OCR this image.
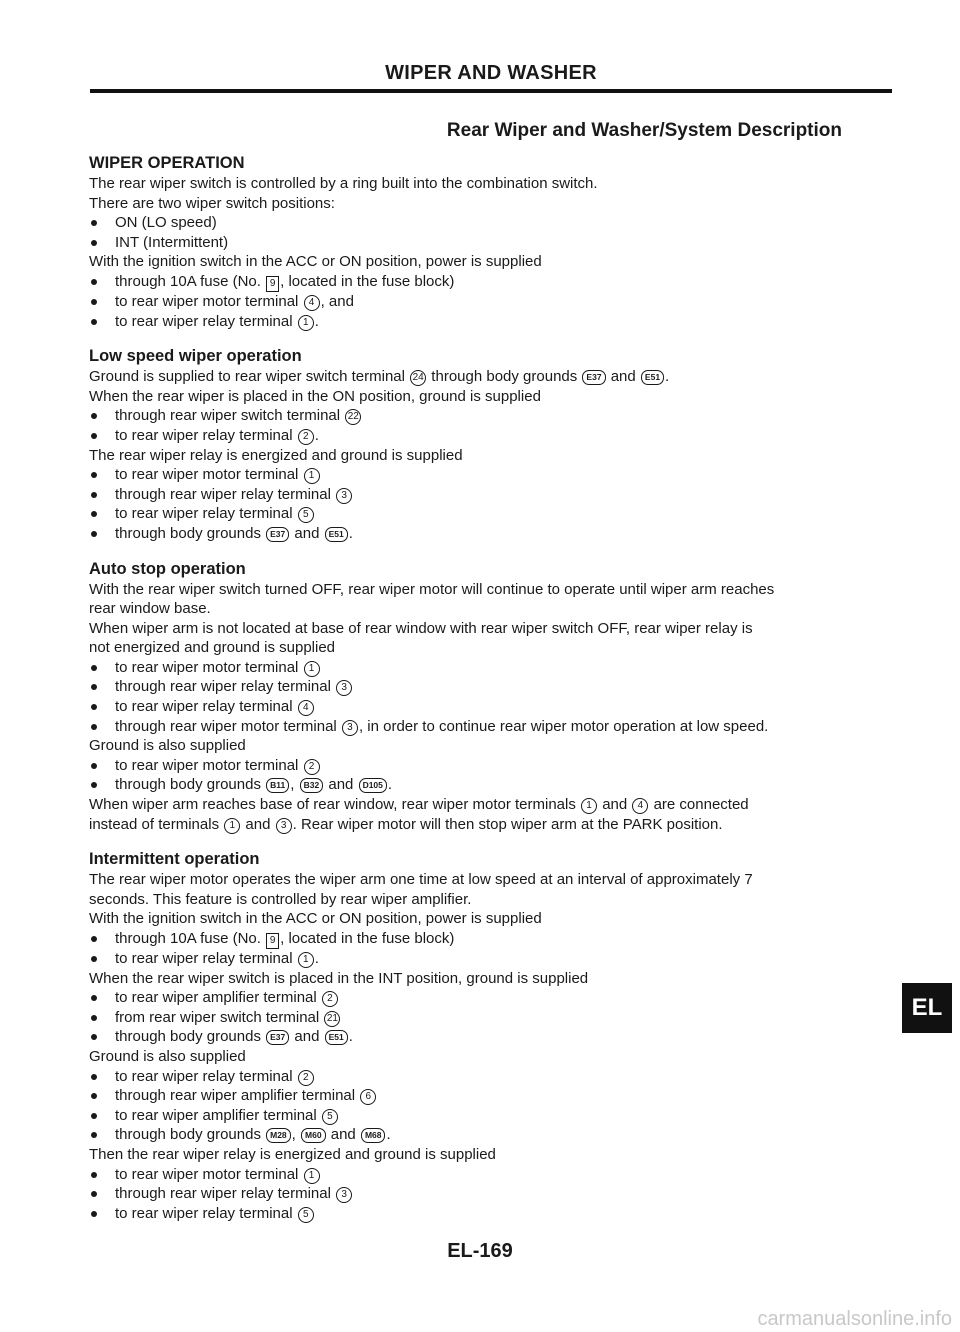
WIPER AND WASHER
Rear Wiper and Washer/System Description

WIPER OPERATION

The rear wiper switch is controlled by a ring built into the combination switch.

There are two wiper switch positions:

ON (LO speed)

INT (Intermittent)

With the ignition switch in the ACC or ON position, power is supplied

through 10A fuse (No. 9 , located in the fuse block)

to rear wiper motor terminal 4 , and

to rear wiper relay terminal 1 .

Low speed wiper operation

Ground is supplied to rear wiper switch terminal 24 through body grounds E37 and E51 .

When the rear wiper is placed in the ON position, ground is supplied

through rear wiper switch terminal 22

to rear wiper relay terminal 2 .

The rear wiper relay is energized and ground is supplied

to rear wiper motor terminal 1

through rear wiper relay terminal 3

to rear wiper relay terminal 5

through body grounds E37 and E51 .

Auto stop operation

With the rear wiper switch turned OFF, rear wiper motor will continue to operate until wiper arm reaches

rear window base.

When wiper arm is not located at base of rear window with rear wiper switch OFF, rear wiper relay is

not energized and ground is supplied

to rear wiper motor terminal 1

through rear wiper relay terminal 3

to rear wiper relay terminal 4

through rear wiper motor terminal 3 , in order to continue rear wiper motor operation at low speed.

Ground is also supplied

to rear wiper motor terminal 2

through body grounds B11 , B32 and D105 .

When wiper arm reaches base of rear window, rear wiper motor terminals 1 and 4 are connected

instead of terminals 1 and 3 . Rear wiper motor will then stop wiper arm at the PARK position.

Intermittent operation

The rear wiper motor operates the wiper arm one time at low speed at an interval of approximately 7

seconds. This feature is controlled by rear wiper amplifier.

With the ignition switch in the ACC or ON position, power is supplied

through 10A fuse (No. 9 , located in the fuse block)

to rear wiper relay terminal 1 .

When the rear wiper switch is placed in the INT position, ground is supplied

to rear wiper amplifier terminal 2

from rear wiper switch terminal 21

through body grounds E37 and E51 .

Ground is also supplied

to rear wiper relay terminal 2

through rear wiper amplifier terminal 6

to rear wiper amplifier terminal 5

through body grounds M28 , M60 and M68 .

Then the rear wiper relay is energized and ground is supplied

to rear wiper motor terminal 1

through rear wiper relay terminal 3

to rear wiper relay terminal 5

EL
EL-169
carmanualsonline.info
